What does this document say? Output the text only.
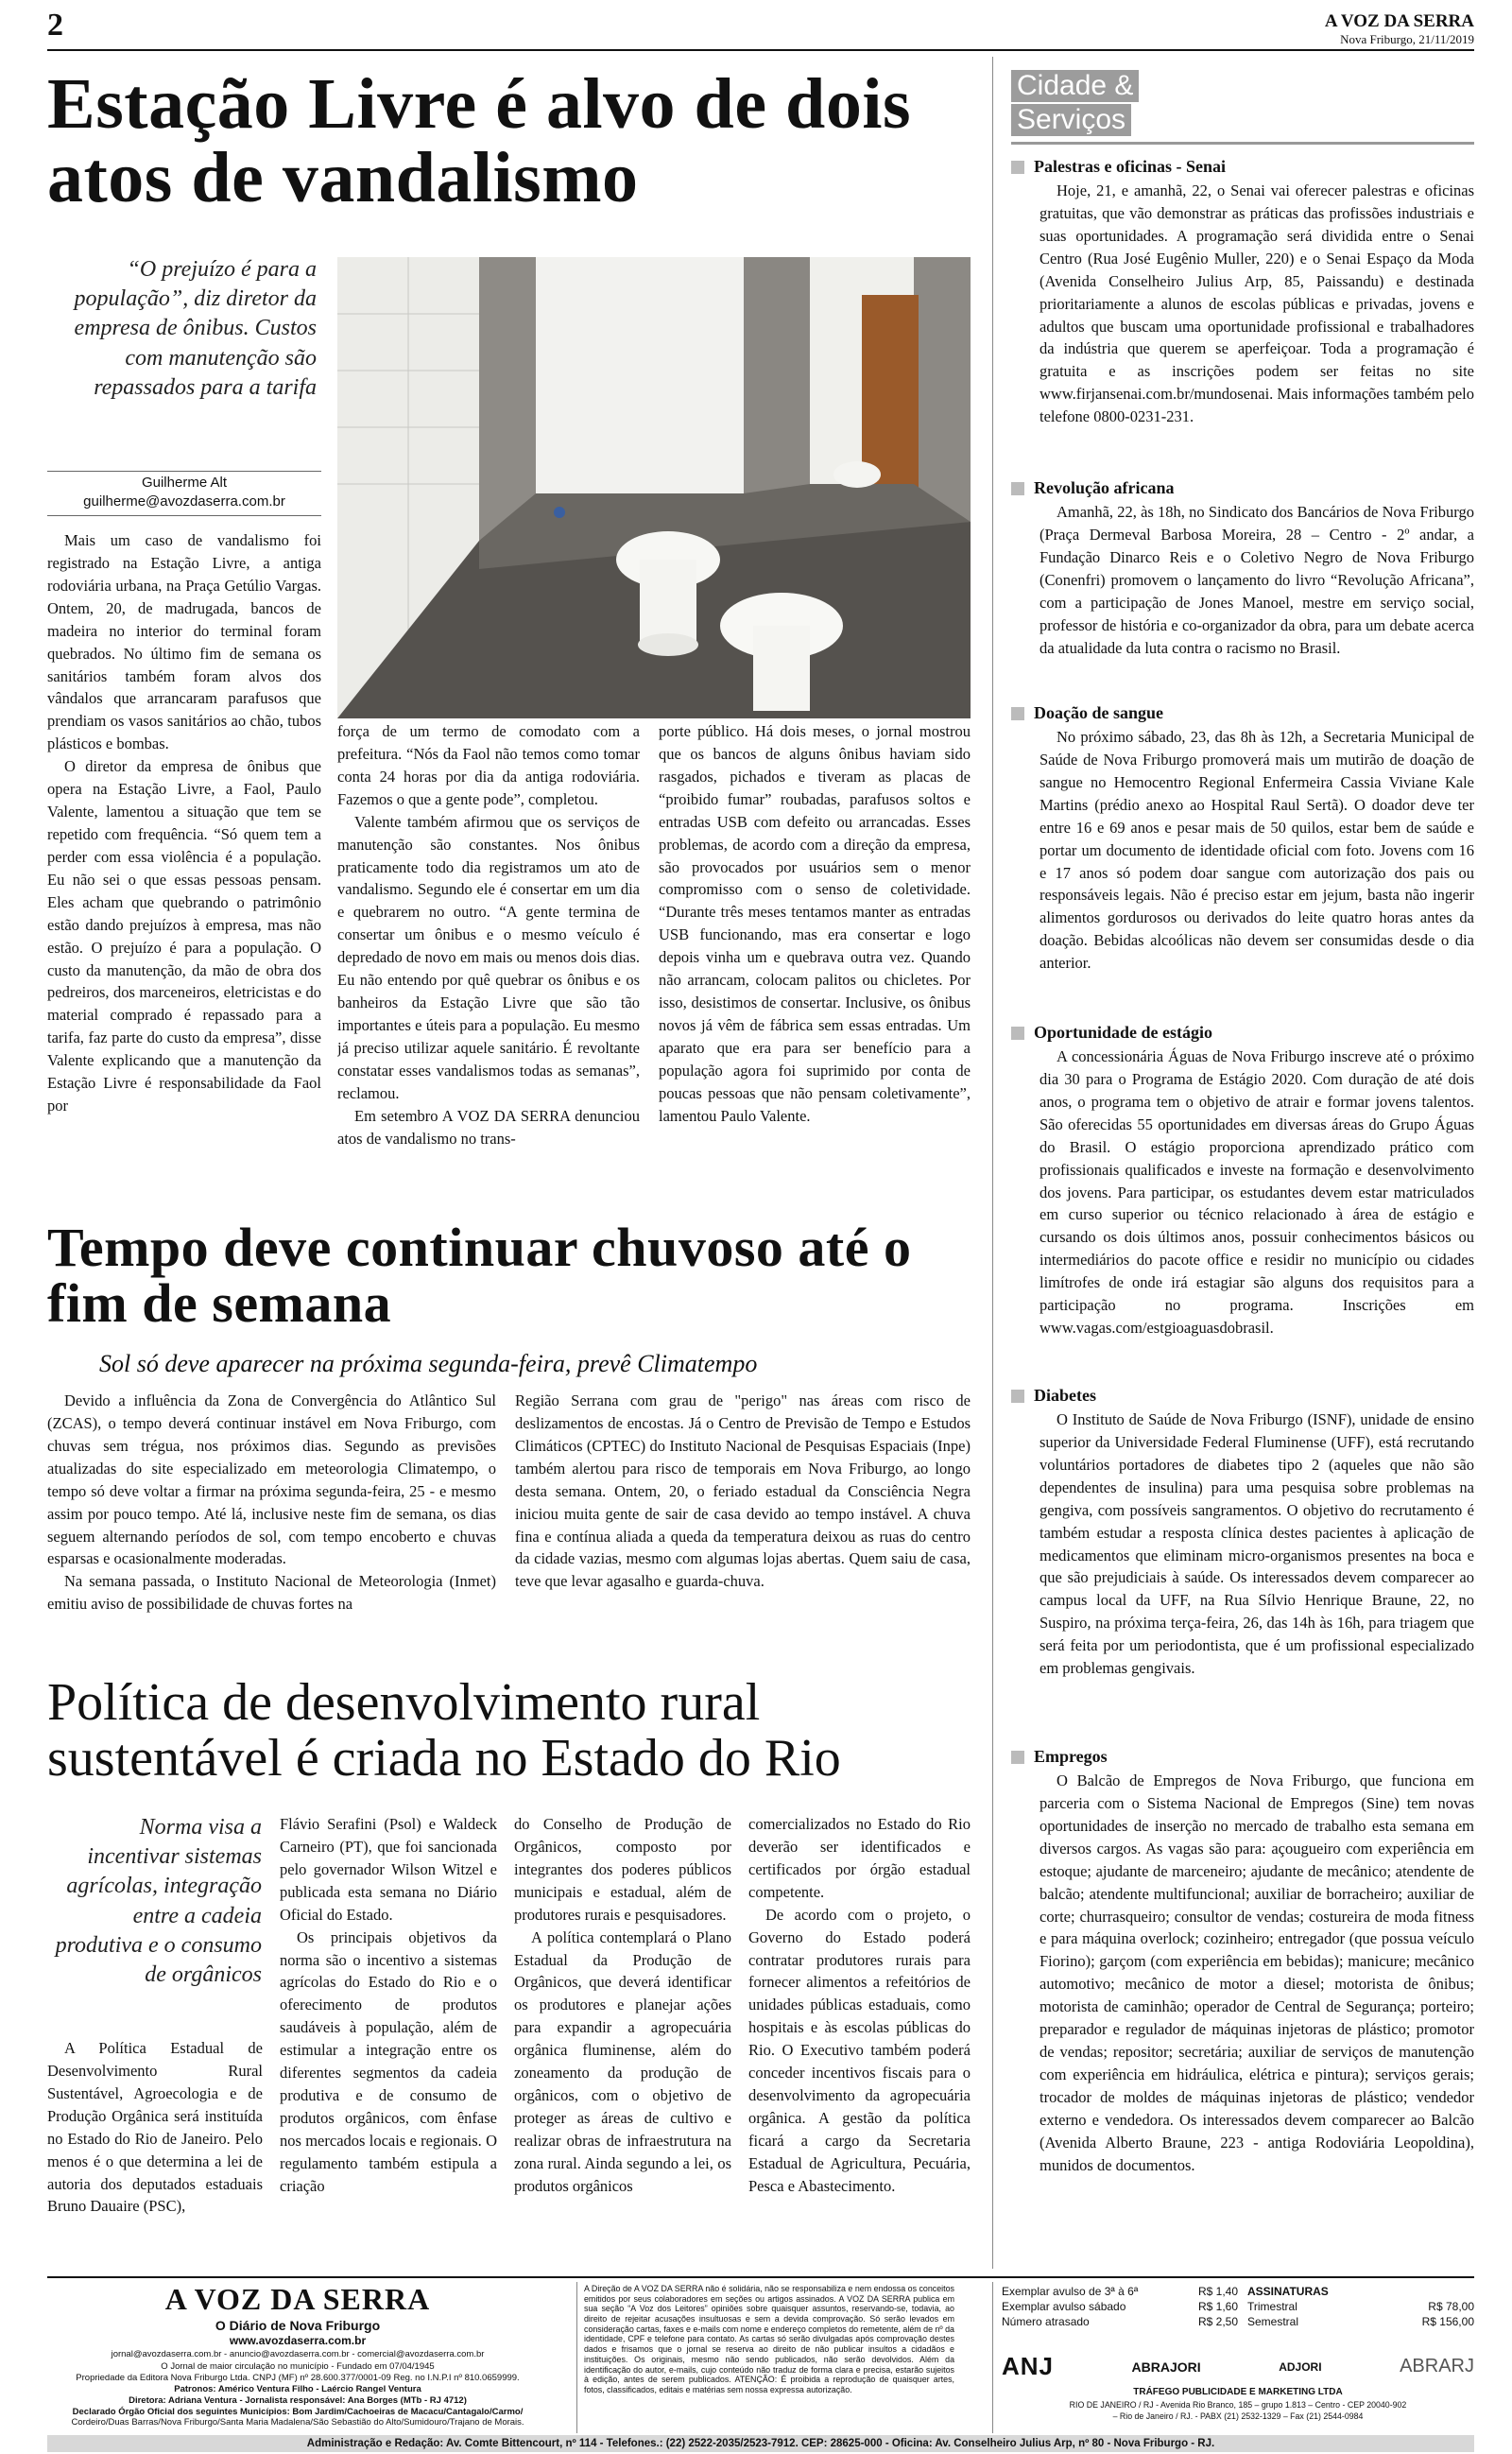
2	A VOZ DA SERRA
Nova Friburgo, 21/11/2019
Estação Livre é alvo de dois atos de vandalismo
“O prejuízo é para a população”, diz diretor da empresa de ônibus. Custos com manutenção são repassados para a tarifa
Guilherme Alt
guilherme@avozdaserra.com.br

Mais um caso de vandalismo foi registrado na Estação Livre, a antiga rodoviária urbana, na Praça Getúlio Vargas. Ontem, 20, de madrugada, bancos de madeira no interior do terminal foram quebrados. No último fim de semana os sanitários também foram alvos dos vândalos que arrancaram parafusos que prendiam os vasos sanitários ao chão, tubos plásticos e bombas.

O diretor da empresa de ônibus que opera na Estação Livre, a Faol, Paulo Valente, lamentou a situação que tem se repetido com frequência. “Só quem tem a perder com essa violência é a população. Eu não sei o que essas pessoas pensam. Eles acham que quebrando o patrimônio estão dando prejuízos à empresa, mas não estão. O prejuízo é para a população. O custo da manutenção, da mão de obra dos pedreiros, dos marceneiros, eletricistas e do material comprado é repassado para a tarifa, faz parte do custo da empresa”, disse Valente explicando que a manutenção da Estação Livre é responsabilidade da Faol por

força de um termo de comodato com a prefeitura. “Nós da Faol não temos como tomar conta 24 horas por dia da antiga rodoviária. Fazemos o que a gente pode”, completou.

Valente também afirmou que os serviços de manutenção são constantes. Nos ônibus praticamente todo dia registramos um ato de vandalismo. Segundo ele é consertar em um dia e quebrarem no outro. “A gente termina de consertar um ônibus e o mesmo veículo é depredado de novo em mais ou menos dois dias. Eu não entendo por quê quebrar os ônibus e os banheiros da Estação Livre que são tão importantes e úteis para a população. Eu mesmo já preciso utilizar aquele sanitário. É revoltante constatar esses vandalismos todas as semanas”, reclamou.

Em setembro A VOZ DA SERRA denunciou atos de vandalismo no trans-

porte público. Há dois meses, o jornal mostrou que os bancos de alguns ônibus haviam sido rasgados, pichados e tiveram as placas de “proibido fumar” roubadas, parafusos soltos e entradas USB com defeito ou arrancadas. Esses problemas, de acordo com a direção da empresa, são provocados por usuários sem o menor compromisso com o senso de coletividade. “Durante três meses tentamos manter as entradas USB funcionando, mas era consertar e logo depois vinha um e quebrava outra vez. Quando não arrancam, colocam palitos ou chicletes. Por isso, desistimos de consertar. Inclusive, os ônibus novos já vêm de fábrica sem essas entradas. Um aparato que era para ser benefício para a população agora foi suprimido por conta de poucas pessoas que não pensam coletivamente”, lamentou Paulo Valente.

Tempo deve continuar chuvoso até o fim de semana
Sol só deve aparecer na próxima segunda-feira, prevê Climatempo

Devido a influência da Zona de Convergência do Atlântico Sul (ZCAS), o tempo deverá continuar instável em Nova Friburgo, com chuvas sem trégua, nos próximos dias. Segundo as previsões atualizadas do site especializado em meteorologia Climatempo, o tempo só deve voltar a firmar na próxima segunda-feira, 25 - e mesmo assim por pouco tempo. Até lá, inclusive neste fim de semana, os dias seguem alternando períodos de sol, com tempo encoberto e chuvas esparsas e ocasionalmente moderadas.

Na semana passada, o Instituto Nacional de Meteorologia (Inmet) emitiu aviso de possibilidade de chuvas fortes na

Região Serrana com grau de "perigo" nas áreas com risco de deslizamentos de encostas. Já o Centro de Previsão de Tempo e Estudos Climáticos (CPTEC) do Instituto Nacional de Pesquisas Espaciais (Inpe) também alertou para risco de temporais em Nova Friburgo, ao longo desta semana. Ontem, 20, o feriado estadual da Consciência Negra iniciou muita gente de sair de casa devido ao tempo instável. A chuva fina e contínua aliada a queda da temperatura deixou as ruas do centro da cidade vazias, mesmo com algumas lojas abertas. Quem saiu de casa, teve que levar agasalho e guarda-chuva.

Política de desenvolvimento rural sustentável é criada no Estado do Rio
Norma visa a incentivar sistemas agrícolas, integração entre a cadeia produtiva e o consumo de orgânicos

A Política Estadual de Desenvolvimento Rural Sustentável, Agroecologia e de Produção Orgânica será instituída no Estado do Rio de Janeiro. Pelo menos é o que determina a lei de autoria dos deputados estaduais Bruno Dauaire (PSC),

Flávio Serafini (Psol) e Waldeck Carneiro (PT), que foi sancionada pelo governador Wilson Witzel e publicada esta semana no Diário Oficial do Estado.

Os principais objetivos da norma são o incentivo a sistemas agrícolas do Estado do Rio e o oferecimento de produtos saudáveis à população, além de estimular a integração entre os diferentes segmentos da cadeia produtiva e de consumo de produtos orgânicos, com ênfase nos mercados locais e regionais. O regulamento também estipula a criação

do Conselho de Produção de Orgânicos, composto por integrantes dos poderes públicos municipais e estadual, além de produtores rurais e pesquisadores.

A política contemplará o Plano Estadual da Produção de Orgânicos, que deverá identificar os produtores e planejar ações para expandir a agropecuária orgânica fluminense, além do zoneamento da produção de orgânicos, com o objetivo de proteger as áreas de cultivo e realizar obras de infraestrutura na zona rural. Ainda segundo a lei, os produtos orgânicos

comercializados no Estado do Rio deverão ser identificados e certificados por órgão estadual competente.

De acordo com o projeto, o Governo do Estado poderá contratar produtores rurais para fornecer alimentos a refeitórios de unidades públicas estaduais, como hospitais e às escolas públicas do Rio. O Executivo também poderá conceder incentivos fiscais para o desenvolvimento da agropecuária orgânica. A gestão da política ficará a cargo da Secretaria Estadual de Agricultura, Pecuária, Pesca e Abastecimento.

Cidade &
Serviços
Palestras e oficinas - Senai

Hoje, 21, e amanhã, 22, o Senai vai oferecer palestras e oficinas gratuitas, que vão demonstrar as práticas das profissões industriais e suas oportunidades. A programação será dividida entre o Senai Centro (Rua José Eugênio Muller, 220) e o Senai Espaço da Moda (Avenida Conselheiro Julius Arp, 85, Paissandu) e destinada prioritariamente a alunos de escolas públicas e privadas, jovens e adultos que buscam uma oportunidade profissional e trabalhadores da indústria que querem se aperfeiçoar. Toda a programação é gratuita e as inscrições podem ser feitas no site www.firjansenai.com.br/mundosenai. Mais informações também pelo telefone 0800-0231-231.

Revolução africana

Amanhã, 22, às 18h, no Sindicato dos Bancários de Nova Friburgo (Praça Dermeval Barbosa Moreira, 28 – Centro - 2º andar, a Fundação Dinarco Reis e o Coletivo Negro de Nova Friburgo (Conenfri) promovem o lançamento do livro “Revolução Africana”, com a participação de Jones Manoel, mestre em serviço social, professor de história e co-organizador da obra, para um debate acerca da atualidade da luta contra o racismo no Brasil.

Doação de sangue

No próximo sábado, 23, das 8h às 12h, a Secretaria Municipal de Saúde de Nova Friburgo promoverá mais um mutirão de doação de sangue no Hemocentro Regional Enfermeira Cassia Viviane Kale Martins (prédio anexo ao Hospital Raul Sertã). O doador deve ter entre 16 e 69 anos e pesar mais de 50 quilos, estar bem de saúde e portar um documento de identidade oficial com foto. Jovens com 16 e 17 anos só podem doar sangue com autorização dos pais ou responsáveis legais. Não é preciso estar em jejum, basta não ingerir alimentos gordurosos ou derivados do leite quatro horas antes da doação. Bebidas alcoólicas não devem ser consumidas desde o dia anterior.

Oportunidade de estágio

A concessionária Águas de Nova Friburgo inscreve até o próximo dia 30 para o Programa de Estágio 2020. Com duração de até dois anos, o programa tem o objetivo de atrair e formar jovens talentos. São oferecidas 55 oportunidades em diversas áreas do Grupo Águas do Brasil. O estágio proporciona aprendizado prático com profissionais qualificados e investe na formação e desenvolvimento dos jovens. Para participar, os estudantes devem estar matriculados em curso superior ou técnico relacionado à área de estágio e cursando os dois últimos anos, possuir conhecimentos básicos ou intermediários do pacote office e residir no município ou cidades limítrofes de onde irá estagiar são alguns dos requisitos para a participação no programa. Inscrições em www.vagas.com/estgioaguasdobrasil.

Diabetes

O Instituto de Saúde de Nova Friburgo (ISNF), unidade de ensino superior da Universidade Federal Fluminense (UFF), está recrutando voluntários portadores de diabetes tipo 2 (aqueles que não são dependentes de insulina) para uma pesquisa sobre problemas na gengiva, com possíveis sangramentos. O objetivo do recrutamento é também estudar a resposta clínica destes pacientes à aplicação de medicamentos que eliminam micro-organismos presentes na boca e que são prejudiciais à saúde. Os interessados devem comparecer ao campus local da UFF, na Rua Sílvio Henrique Braune, 22, no Suspiro, na próxima terça-feira, 26, das 14h às 16h, para triagem que será feita por um periodontista, que é um profissional especializado em problemas gengivais.

Empregos

O Balcão de Empregos de Nova Friburgo, que funciona em parceria com o Sistema Nacional de Empregos (Sine) tem novas oportunidades de inserção no mercado de trabalho esta semana em diversos cargos. As vagas são para: açougueiro com experiência em estoque; ajudante de marceneiro; ajudante de mecânico; atendente de balcão; atendente multifuncional; auxiliar de borracheiro; auxiliar de corte; churrasqueiro; consultor de vendas; costureira de moda fitness e para máquina overlock; cozinheiro; entregador (que possua veículo Fiorino); garçom (com experiência em bebidas); manicure; mecânico automotivo; mecânico de motor a diesel; motorista de ônibus; motorista de caminhão; operador de Central de Segurança; porteiro; preparador e regulador de máquinas injetoras de plástico; promotor de vendas; repositor; secretária; auxiliar de serviços de manutenção com experiência em hidráulica, elétrica e pintura); serviços gerais; trocador de moldes de máquinas injetoras de plástico; vendedor externo e vendedora. Os interessados devem comparecer ao Balcão (Avenida Alberto Braune, 223 - antiga Rodoviária Leopoldina), munidos de documentos.

A VOZ DA SERRA
O Diário de Nova Friburgo
www.avozdaserra.com.br
jornal@avozdaserra.com.br - anuncio@avozdaserra.com.br - comercial@avozdaserra.com.br
O Jornal de maior circulação no município - Fundado em 07/04/1945
Propriedade da Editora Nova Friburgo Ltda. CNPJ (MF) nº 28.600.377/0001-09 Reg. no I.N.P.I nº 810.0659999.
Patronos: Américo Ventura Filho - Laércio Rangel Ventura
Diretora: Adriana Ventura - Jornalista responsável: Ana Borges (MTb - RJ 4712)
Declarado Órgão Oficial dos seguintes Municípios: Bom Jardim/Cachoeiras de Macacu/Cantagalo/Carmo/
Cordeiro/Duas Barras/Nova Friburgo/Santa Maria Madalena/São Sebastião do Alto/Sumidouro/Trajano de Morais.
A Direção de A VOZ DA SERRA não é solidária, não se responsabiliza e nem endossa os conceitos emitidos por seus colaboradores em seções ou artigos assinados. A VOZ DA SERRA publica em sua seção “A Voz dos Leitores” opiniões sobre quaisquer assuntos, reservando-se, todavia, ao direito de rejeitar acusações insultuosas e sem a devida comprovação. Só serão levados em consideração cartas, faxes e e-mails com nome e endereço completos do remetente, além de nº da identidade, CPF e telefone para contato. As cartas só serão divulgadas após comprovação destes dados e frisamos que o jornal se reserva ao direito de não publicar insultos a cidadãos e instituições. Os originais, mesmo não sendo publicados, não serão devolvidos. Além da identificação do autor, e-mails, cujo conteúdo não traduz de forma clara e precisa, estarão sujeitos à edição, antes de serem publicados. ATENÇÃO: É proibida a reprodução de quaisquer artes, fotos, classificados, editais e matérias sem nossa expressa autorização.
Exemplar avulso de 3ª à 6ª	R$ 1,40
Exemplar avulso sábado	R$ 1,60
Número atrasado	R$ 2,50
ASSINATURAS
Trimestral	R$ 78,00
Semestral	R$ 156,00
ANJ	ABRAJORI	ADJORI	ABRARJ
TRÁFEGO PUBLICIDADE E MARKETING LTDA
RIO DE JANEIRO / RJ - Avenida Rio Branco, 185 – grupo 1.813 – Centro - CEP 20040-902
– Rio de Janeiro / RJ. - PABX (21) 2532-1329 – Fax (21) 2544-0984
Administração e Redação: Av. Comte Bittencourt, nº 114 - Telefones.: (22) 2522-2035/2523-7912. CEP: 28625-000 - Oficina: Av. Conselheiro Julius Arp, nº 80 - Nova Friburgo - RJ.
